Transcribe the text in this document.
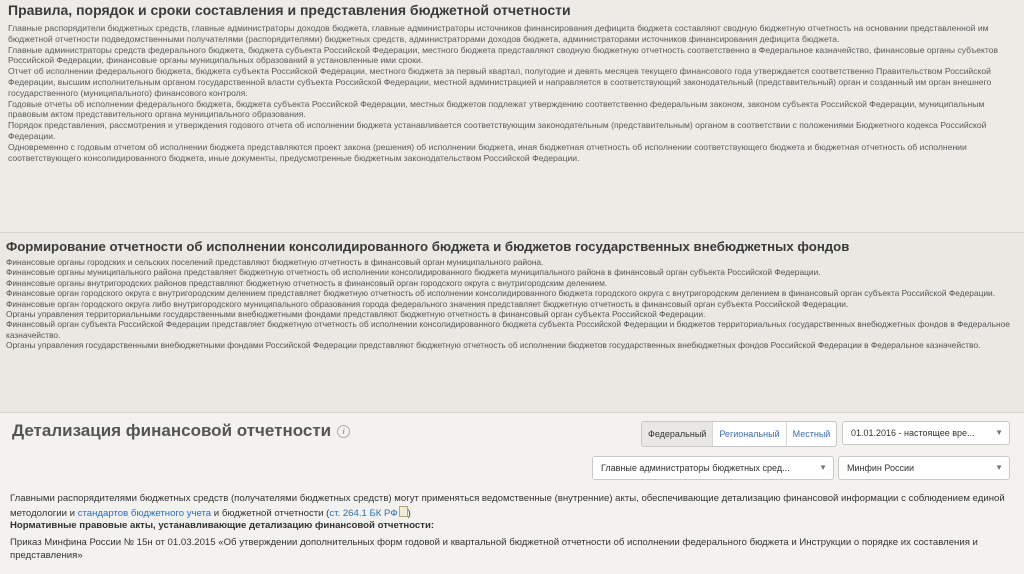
Правила, порядок и сроки составления и представления бюджетной отчетности

Главные распорядители бюджетных средств, главные администраторы доходов бюджета, главные администраторы источников финансирования дефицита бюджета составляют сводную бюджетную отчетность на основании представленной им бюджетной отчетности подведомственными получателями (распорядителями) бюджетных средств, администраторами доходов бюджета, администраторами источников финансирования дефицита бюджета.

Главные администраторы средств федерального бюджета, бюджета субъекта Российской Федерации, местного бюджета представляют сводную бюджетную отчетность соответственно в Федеральное казначейство, финансовые органы субъектов Российской Федерации, финансовые органы муниципальных образований в установленные ими сроки.

Отчет об исполнении федерального бюджета, бюджета субъекта Российской Федерации, местного бюджета за первый квартал, полугодие и девять месяцев текущего финансового года утверждается соответственно Правительством Российской Федерации, высшим исполнительным органом государственной власти субъекта Российской Федерации, местной администрацией и направляется в соответствующий законодательный (представительный) орган и созданный им орган внешнего государственного (муниципального) финансового контроля.

Годовые отчеты об исполнении федерального бюджета, бюджета субъекта Российской Федерации, местных бюджетов подлежат утверждению соответственно федеральным законом, законом субъекта Российской Федерации, муниципальным правовым актом представительного органа муниципального образования.

Порядок представления, рассмотрения и утверждения годового отчета об исполнении бюджета устанавливается соответствующим законодательным (представительным) органом в соответствии с положениями Бюджетного кодекса Российской Федерации.

Одновременно с годовым отчетом об исполнении бюджета представляются проект закона (решения) об исполнении бюджета, иная бюджетная отчетность об исполнении соответствующего бюджета и бюджетная отчетность об исполнении соответствующего консолидированного бюджета, иные документы, предусмотренные бюджетным законодательством Российской Федерации.

Формирование отчетности об исполнении консолидированного бюджета и бюджетов государственных внебюджетных фондов

Финансовые органы городских и сельских поселений представляют бюджетную отчетность в финансовый орган муниципального района.

Финансовые органы муниципального района представляет бюджетную отчетность об исполнении консолидированного бюджета муниципального района в финансовый орган субъекта Российской Федерации.

Финансовые органы внутригородских районов представляют бюджетную отчетность в финансовый орган городского округа с внутригородским делением.

Финансовые орган городского округа с внутригородским делением представляет бюджетную отчетность об исполнении консолидированного бюджета городского округа с внутригородским делением в финансовый орган субъекта Российской Федерации.

Финансовые орган городского округа либо внутригородского муниципального образования города федерального значения представляет бюджетную отчетность в финансовый орган субъекта Российской Федерации.

Органы управления территориальными государственными внебюджетными фондами представляют бюджетную отчетность в финансовый орган субъекта Российской Федерации.

Финансовый орган субъекта Российской Федерации представляет бюджетную отчетность об исполнении консолидированного бюджета субъекта Российской Федерации и бюджетов территориальных государственных внебюджетных фондов в Федеральное казначейство.

Органы управления государственными внебюджетными фондами Российской Федерации представляют бюджетную отчетность об исполнении бюджетов государственных внебюджетных фондов Российской Федерации в Федеральное казначейство.

Детализация финансовой отчетности i	Федеральный	Региональный	Местный	01.01.2016 - настоящее вре...	▼
Главные администраторы бюджетных сред...	▼	Минфин России	▼
Главными распорядителями бюджетных средств (получателями бюджетных средств) могут применяться ведомственные (внутренние) акты, обеспечивающие детализацию финансовой информации с соблюдением единой методологии и стандартов бюджетного учета и бюджетной отчетности (ст. 264.1 БК РФ )
Нормативные правовые акты, устанавливающие детализацию финансовой отчетности:
Приказ Минфина России № 15н от 01.03.2015 «Об утверждении дополнительных форм годовой и квартальной бюджетной отчетности об исполнении федерального бюджета и Инструкции о порядке их составления и представления»
